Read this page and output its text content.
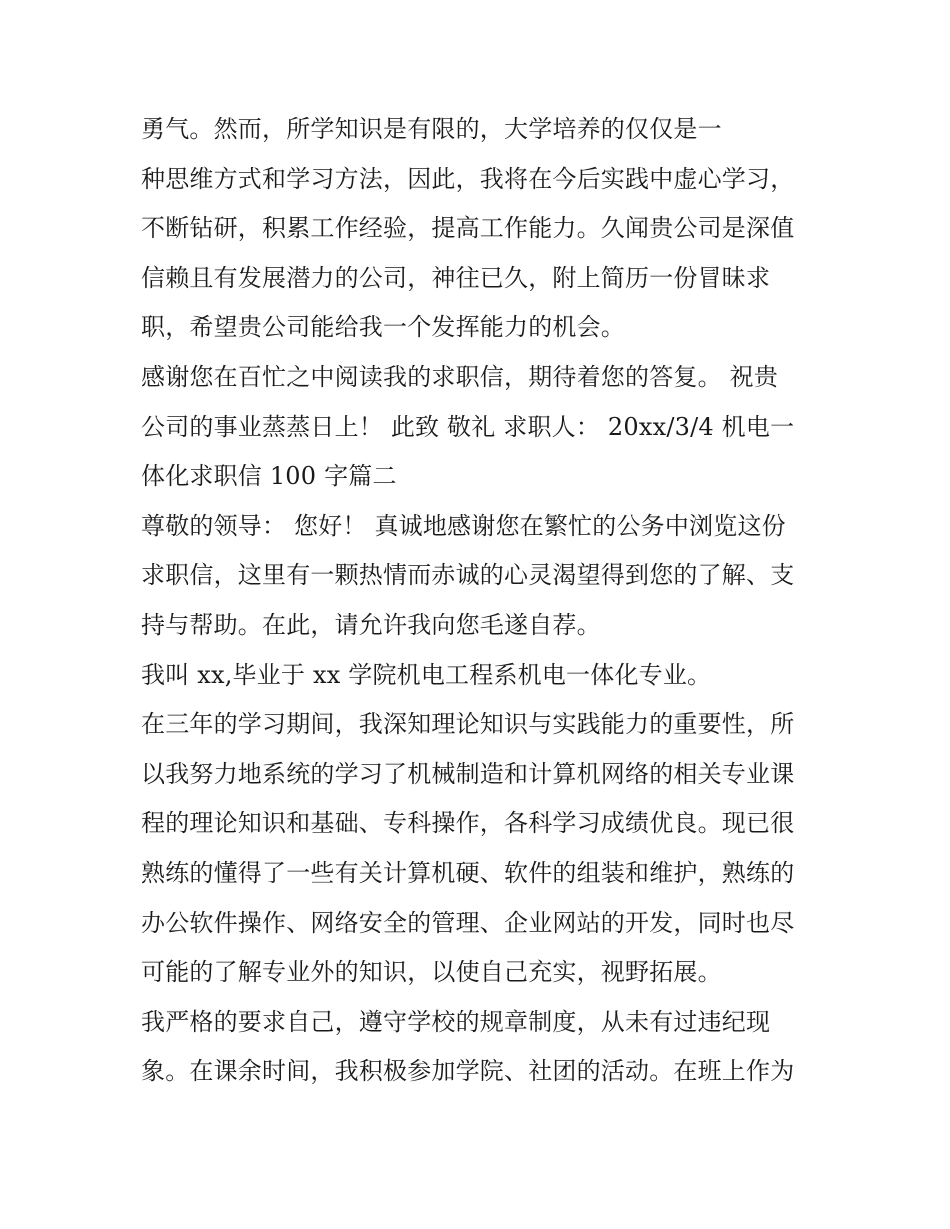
勇气。然而，所学知识是有限的，大学培养的仅仅是一
种思维方式和学习方法，因此，我将在今后实践中虚心学习，
不断钻研，积累工作经验，提高工作能力。久闻贵公司是深值
信赖且有发展潜力的公司，神往已久，附上简历一份冒昧求
职，希望贵公司能给我一个发挥能力的机会。
感谢您在百忙之中阅读我的求职信，期待着您的答复。 祝贵
公司的事业蒸蒸日上！ 此致 敬礼 求职人： 20xx/3/4 机电一
体化求职信 100 字篇二
尊敬的领导： 您好！ 真诚地感谢您在繁忙的公务中浏览这份
求职信，这里有一颗热情而赤诚的心灵渴望得到您的了解、支
持与帮助。在此，请允许我向您毛遂自荐。
我叫 xx,毕业于 xx 学院机电工程系机电一体化专业。
在三年的学习期间，我深知理论知识与实践能力的重要性，所
以我努力地系统的学习了机械制造和计算机网络的相关专业课
程的理论知识和基础、专科操作，各科学习成绩优良。现已很
熟练的懂得了一些有关计算机硬、软件的组装和维护，熟练的
办公软件操作、网络安全的管理、企业网站的开发，同时也尽
可能的了解专业外的知识，以使自己充实，视野拓展。
我严格的要求自己，遵守学校的规章制度，从未有过违纪现
象。在课余时间，我积极参加学院、社团的活动。在班上作为
